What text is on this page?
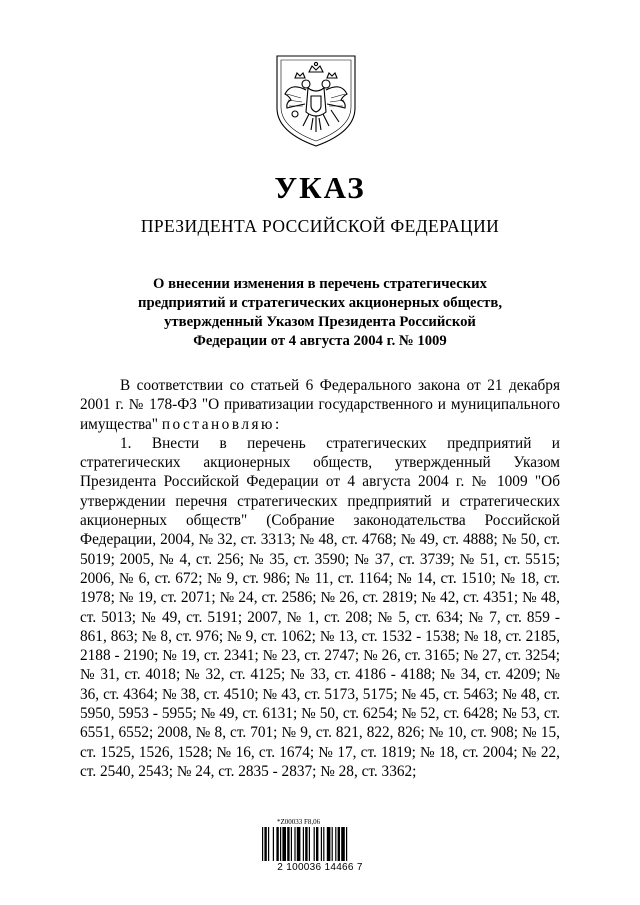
УКАЗ
ПРЕЗИДЕНТА РОССИЙСКОЙ ФЕДЕРАЦИИ
О внесении изменения в перечень стратегических
предприятий и стратегических акционерных обществ,
утвержденный Указом Президента Российской
Федерации от 4 августа 2004 г. № 1009

В соответствии со статьей 6 Федерального закона от 21 декабря 2001 г. № 178-ФЗ "О приватизации государственного и муниципального имущества" постановляю:

1. Внести в перечень стратегических предприятий и стратегических акционерных обществ, утвержденный Указом Президента Российской Федерации от 4 августа 2004 г. № 1009 "Об утверждении перечня стратегических предприятий и стратегических акционерных обществ" (Собрание законодательства Российской Федерации, 2004, № 32, ст. 3313; № 48, ст. 4768; № 49, ст. 4888; № 50, ст. 5019; 2005, № 4, ст. 256; № 35, ст. 3590; № 37, ст. 3739; № 51, ст. 5515; 2006, № 6, ст. 672; № 9, ст. 986; № 11, ст. 1164; № 14, ст. 1510; № 18, ст. 1978; № 19, ст. 2071; № 24, ст. 2586; № 26, ст. 2819; № 42, ст. 4351; № 48, ст. 5013; № 49, ст. 5191; 2007, № 1, ст. 208; № 5, ст. 634; № 7, ст. 859 - 861, 863; № 8, ст. 976; № 9, ст. 1062; № 13, ст. 1532 - 1538; № 18, ст. 2185, 2188 - 2190; № 19, ст. 2341; № 23, ст. 2747; № 26, ст. 3165; № 27, ст. 3254; № 31, ст. 4018; № 32, ст. 4125; № 33, ст. 4186 - 4188; № 34, ст. 4209; № 36, ст. 4364; № 38, ст. 4510; № 43, ст. 5173, 5175; № 45, ст. 5463; № 48, ст. 5950, 5953 - 5955; № 49, ст. 6131; № 50, ст. 6254; № 52, ст. 6428; № 53, ст. 6551, 6552; 2008, № 8, ст. 701; № 9, ст. 821, 822, 826; № 10, ст. 908; № 15, ст. 1525, 1526, 1528; № 16, ст. 1674; № 17, ст. 1819; № 18, ст. 2004; № 22, ст. 2540, 2543; № 24, ст. 2835 - 2837; № 28, ст. 3362;

*Z00033 F8,06
2 100036 14466 7
